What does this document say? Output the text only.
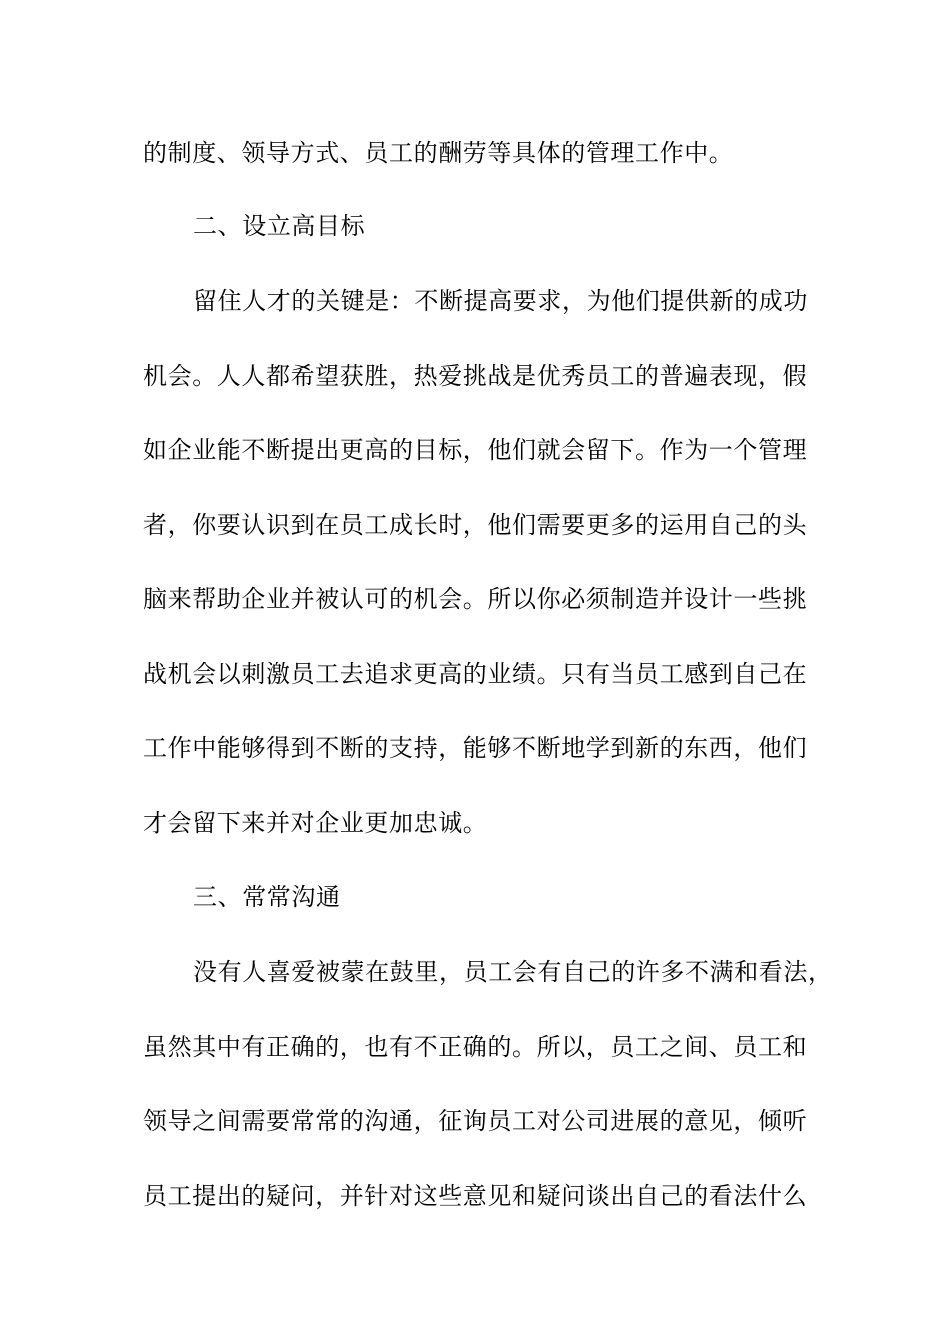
的制度、领导方式、员工的酬劳等具体的管理工作中。
二、设立高目标
留住人才的关键是：不断提高要求，为他们提供新的成功
机会。人人都希望获胜，热爱挑战是优秀员工的普遍表现，假
如企业能不断提出更高的目标，他们就会留下。作为一个管理
者，你要认识到在员工成长时，他们需要更多的运用自己的头
脑来帮助企业并被认可的机会。所以你必须制造并设计一些挑
战机会以刺激员工去追求更高的业绩。只有当员工感到自己在
工作中能够得到不断的支持，能够不断地学到新的东西，他们
才会留下来并对企业更加忠诚。
三、常常沟通
没有人喜爱被蒙在鼓里，员工会有自己的许多不满和看法，
虽然其中有正确的，也有不正确的。所以，员工之间、员工和
领导之间需要常常的沟通，征询员工对公司进展的意见，倾听
员工提出的疑问，并针对这些意见和疑问谈出自己的看法什么
